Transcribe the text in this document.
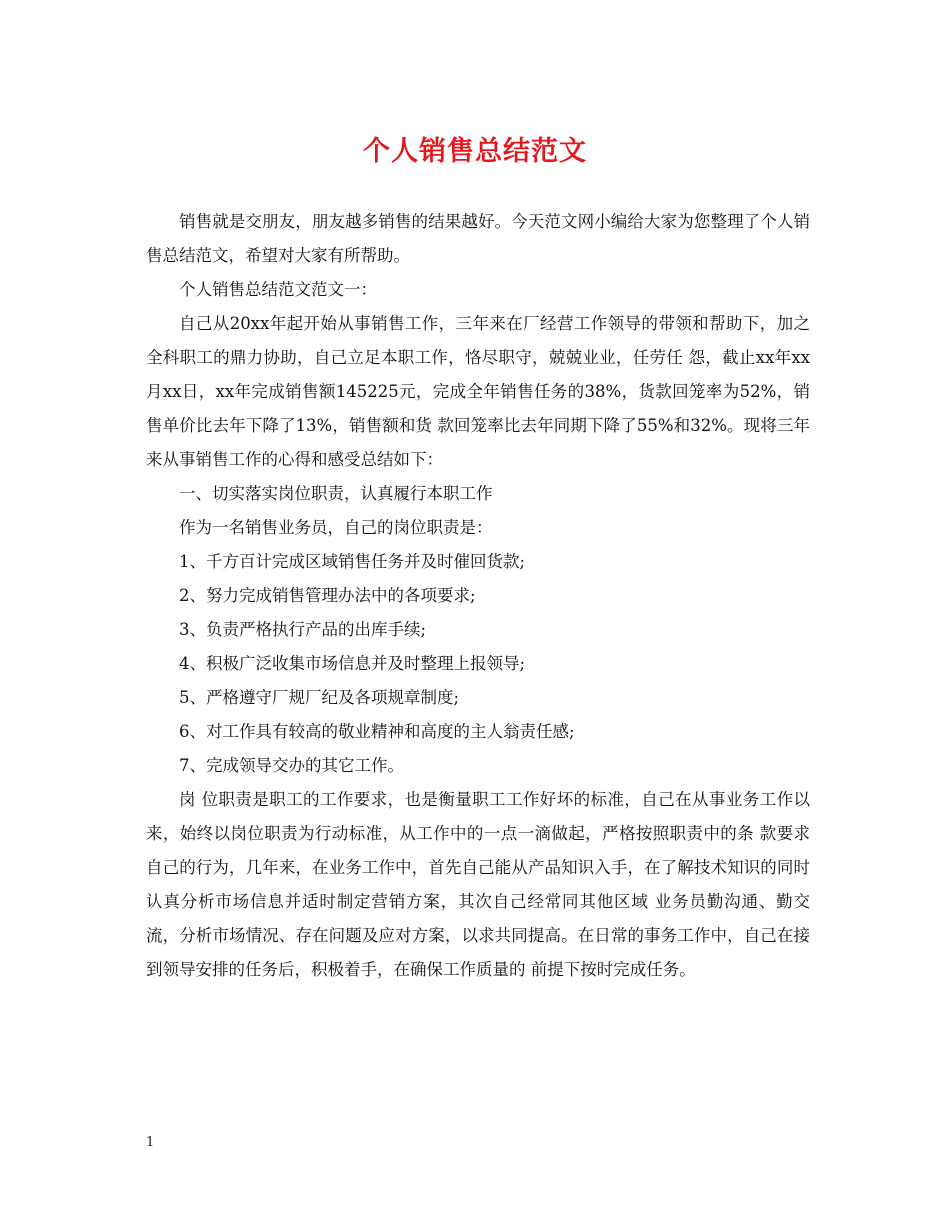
个人销售总结范文

销售就是交朋友，朋友越多销售的结果越好。今天范文网小编给大家为您整理了个人销售总结范文，希望对大家有所帮助。

个人销售总结范文范文一：

自己从20xx年起开始从事销售工作，三年来在厂经营工作领导的带领和帮助下，加之全科职工的鼎力协助，自己立足本职工作，恪尽职守，兢兢业业，任劳任 怨，截止xx年xx月xx日，xx年完成销售额145225元，完成全年销售任务的38%，货款回笼率为52%，销售单价比去年下降了13%，销售额和货 款回笼率比去年同期下降了55%和32%。现将三年来从事销售工作的心得和感受总结如下：

一、切实落实岗位职责，认真履行本职工作

作为一名销售业务员，自己的岗位职责是：

1、千方百计完成区域销售任务并及时催回货款;

2、努力完成销售管理办法中的各项要求;

3、负责严格执行产品的出库手续;

4、积极广泛收集市场信息并及时整理上报领导;

5、严格遵守厂规厂纪及各项规章制度;

6、对工作具有较高的敬业精神和高度的主人翁责任感;

7、完成领导交办的其它工作。

岗 位职责是职工的工作要求，也是衡量职工工作好坏的标准，自己在从事业务工作以来，始终以岗位职责为行动标准，从工作中的一点一滴做起，严格按照职责中的条 款要求自己的行为，几年来，在业务工作中，首先自己能从产品知识入手，在了解技术知识的同时认真分析市场信息并适时制定营销方案，其次自己经常同其他区域 业务员勤沟通、勤交流，分析市场情况、存在问题及应对方案，以求共同提高。在日常的事务工作中，自己在接到领导安排的任务后，积极着手，在确保工作质量的 前提下按时完成任务。

1
